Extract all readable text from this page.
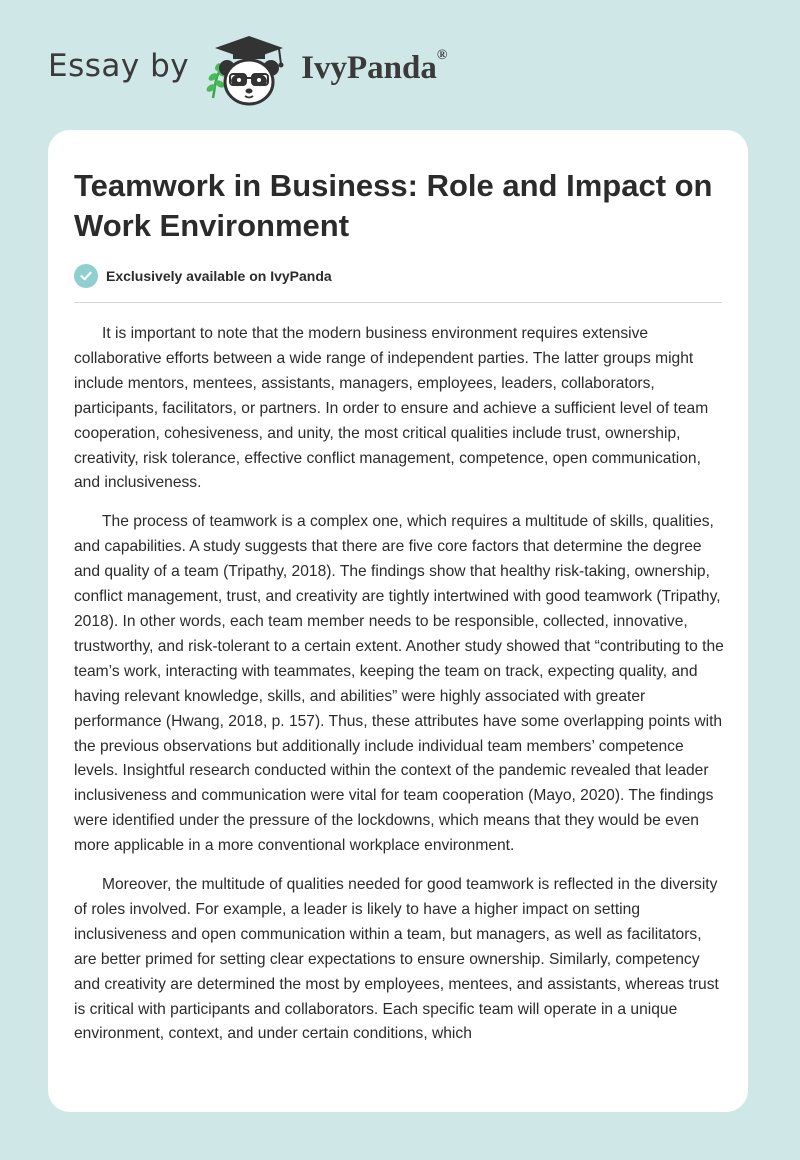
Essay by	IvyPanda®
Teamwork in Business: Role and Impact on Work Environment
Exclusively available on IvyPanda

It is important to note that the modern business environment requires extensive collaborative efforts between a wide range of independent parties. The latter groups might include mentors, mentees, assistants, managers, employees, leaders, collaborators, participants, facilitators, or partners. In order to ensure and achieve a sufficient level of team cooperation, cohesiveness, and unity, the most critical qualities include trust, ownership, creativity, risk tolerance, effective conflict management, competence, open communication, and inclusiveness.

The process of teamwork is a complex one, which requires a multitude of skills, qualities, and capabilities. A study suggests that there are five core factors that determine the degree and quality of a team (Tripathy, 2018). The findings show that healthy risk-taking, ownership, conflict management, trust, and creativity are tightly intertwined with good teamwork (Tripathy, 2018). In other words, each team member needs to be responsible, collected, innovative, trustworthy, and risk-tolerant to a certain extent. Another study showed that “contributing to the team’s work, interacting with teammates, keeping the team on track, expecting quality, and having relevant knowledge, skills, and abilities” were highly associated with greater performance (Hwang, 2018, p. 157). Thus, these attributes have some overlapping points with the previous observations but additionally include individual team members’ competence levels. Insightful research conducted within the context of the pandemic revealed that leader inclusiveness and communication were vital for team cooperation (Mayo, 2020). The findings were identified under the pressure of the lockdowns, which means that they would be even more applicable in a more conventional workplace environment.

Moreover, the multitude of qualities needed for good teamwork is reflected in the diversity of roles involved. For example, a leader is likely to have a higher impact on setting inclusiveness and open communication within a team, but managers, as well as facilitators, are better primed for setting clear expectations to ensure ownership. Similarly, competency and creativity are determined the most by employees, mentees, and assistants, whereas trust is critical with participants and collaborators. Each specific team will operate in a unique environment, context, and under certain conditions, which
